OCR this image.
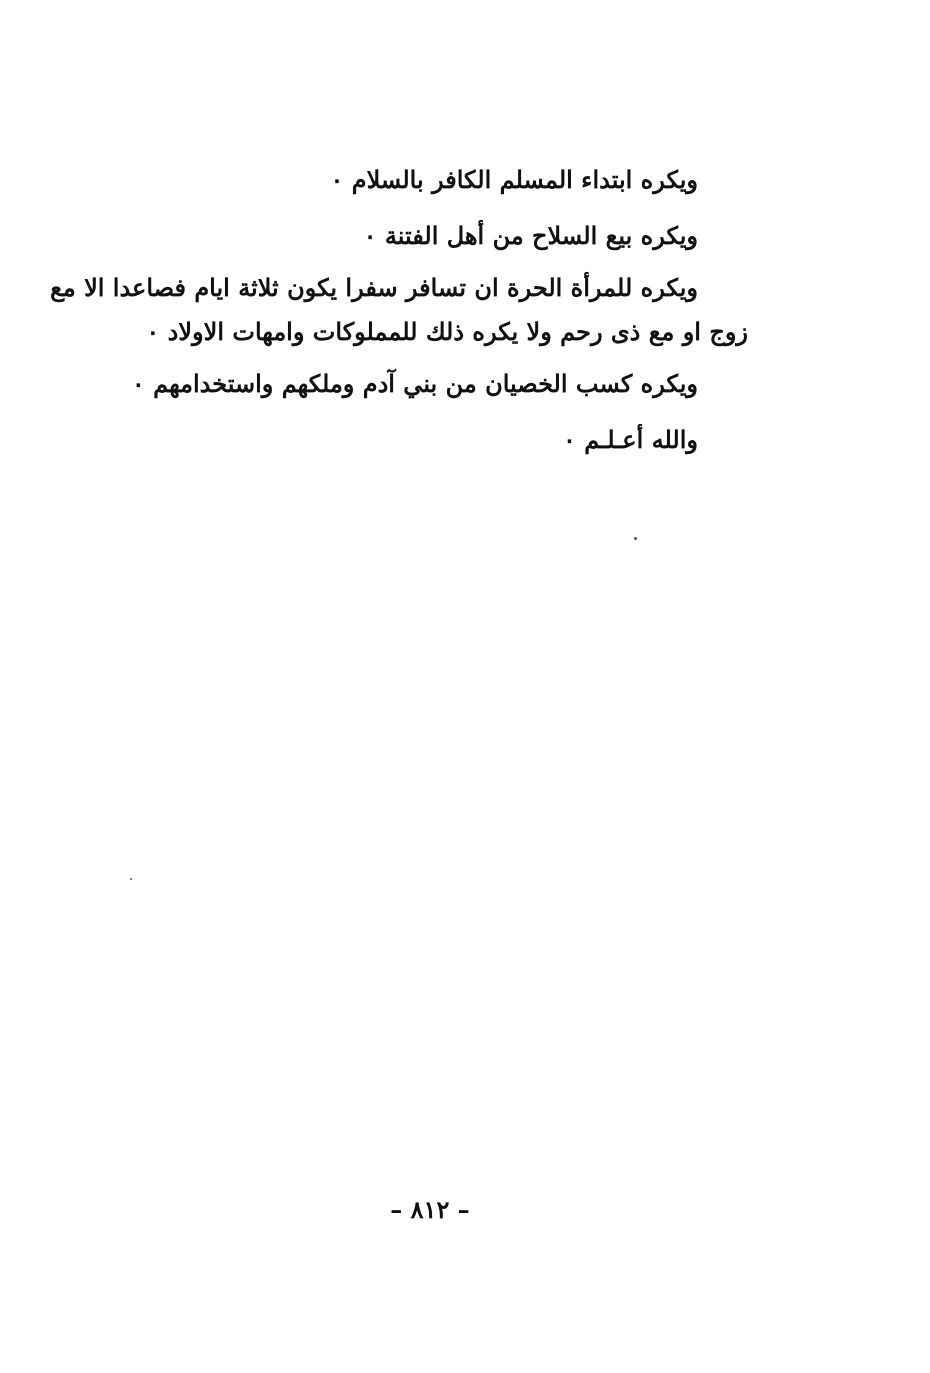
ويكره ابتداء المسلم الكافر بالسلام ٠
ويكره بيع السلاح من أهل الفتنة ٠
ويكره للمرأة الحرة ان تسافر سفرا يكون ثلاثة ايام فصاعدا الا مع
زوج او مع ذى رحم ولا يكره ذلك للمملوكات وامهات الاولاد ٠
ويكره كسب الخصيان من بني آدم وملكهم واستخدامهم ٠
والله أعـلـم ٠
– ٨١٢ –
